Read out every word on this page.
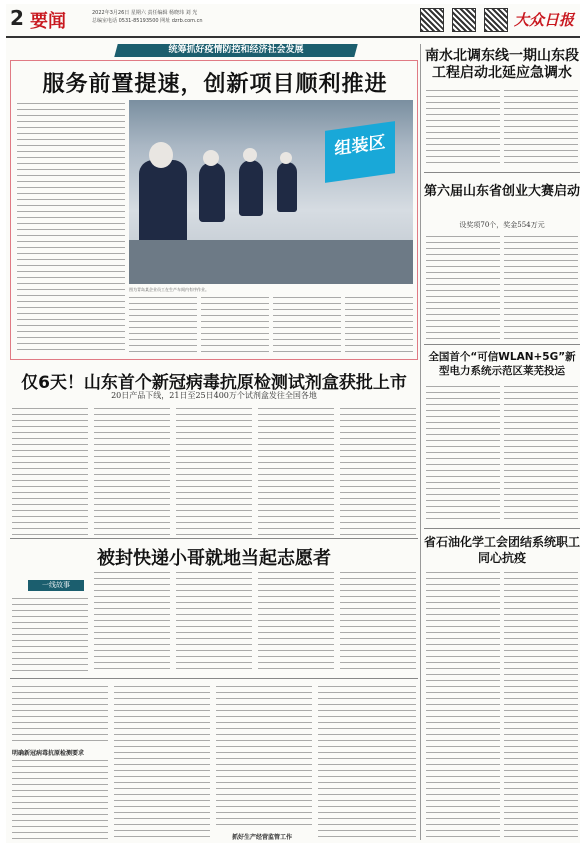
2 要闻	2022年3月26日 星期六 责任编辑 杨晓玮 刘 光
总编室电话 0531-85193500 网址 dzrb.com.cn	大众日报
统筹抓好疫情防控和经济社会发展
服务前置提速，创新项目顺利推进
组装区
图为青岛某企业员工在生产车间内有序作业。
仅6天！山东首个新冠病毒抗原检测试剂盒获批上市
20日产品下线，21日至25日400万个试剂盒发往全国各地
被封快递小哥就地当起志愿者
一线故事
明确新冠病毒抗原检测要求
抓好生产经营监管工作
南水北调东线一期山东段工程启动北延应急调水
第六届山东省创业大赛启动
设奖项70个，奖金554万元
全国首个“可信WLAN+5G”新型电力系统示范区莱芜投运
省石油化学工会团结系统职工同心抗疫
